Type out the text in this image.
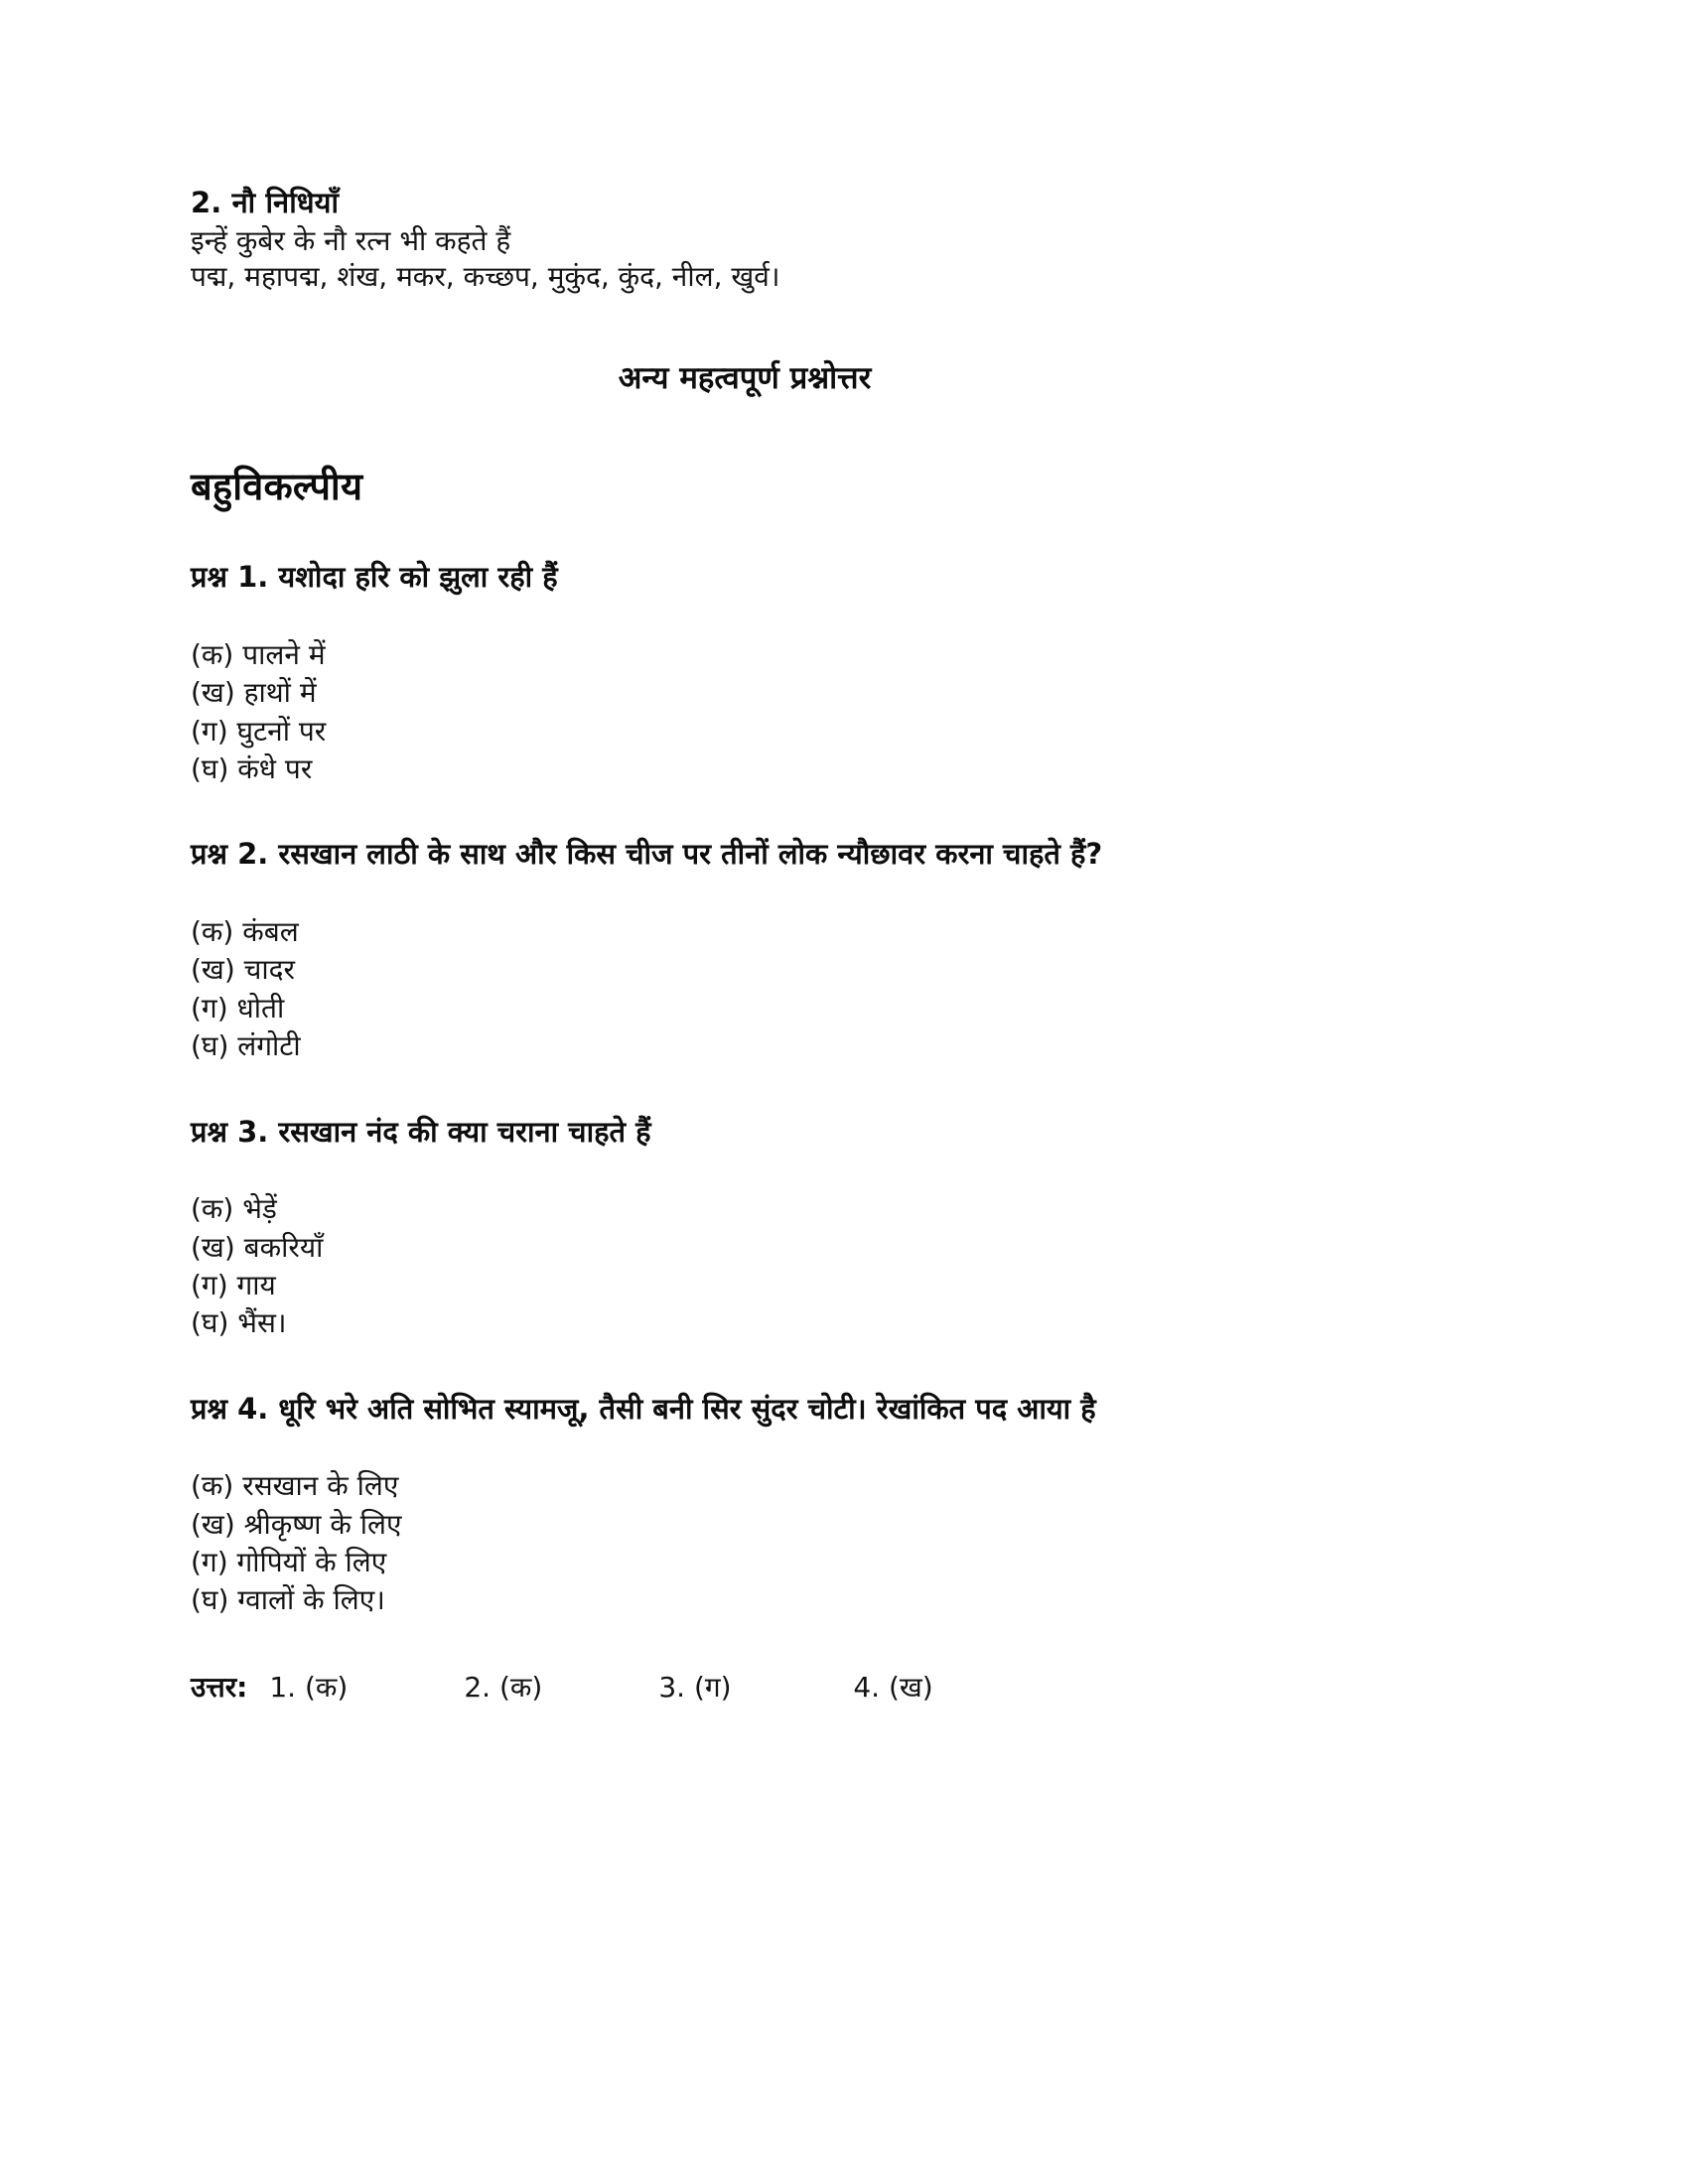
2. नौ निधियाँ

इन्हें कुबेर के नौ रत्न भी कहते हैं

पद्म, महापद्म, शंख, मकर, कच्छप, मुकुंद, कुंद, नील, खुर्व।

अन्य महत्वपूर्ण प्रश्नोत्तर

बहुविकल्पीय

प्रश्न 1. यशोदा हरि को झुला रही हैं

(क) पालने में
(ख) हाथों में
(ग) घुटनों पर
(घ) कंधे पर

प्रश्न 2. रसखान लाठी के साथ और किस चीज पर तीनों लोक न्यौछावर करना चाहते हैं?

(क) कंबल
(ख) चादर
(ग) धोती
(घ) लंगोटी

प्रश्न 3. रसखान नंद की क्या चराना चाहते हैं

(क) भेड़ें
(ख) बकरियाँ
(ग) गाय
(घ) भैंस।

प्रश्न 4. धूरि भरे अति सोभित स्यामजू, तैसी बनी सिर सुंदर चोटी। रेखांकित पद आया है

(क) रसखान के लिए
(ख) श्रीकृष्ण के लिए
(ग) गोपियों के लिए
(घ) ग्वालों के लिए।
उत्तर: 1. (क)	2. (क)	3. (ग)	4. (ख)
